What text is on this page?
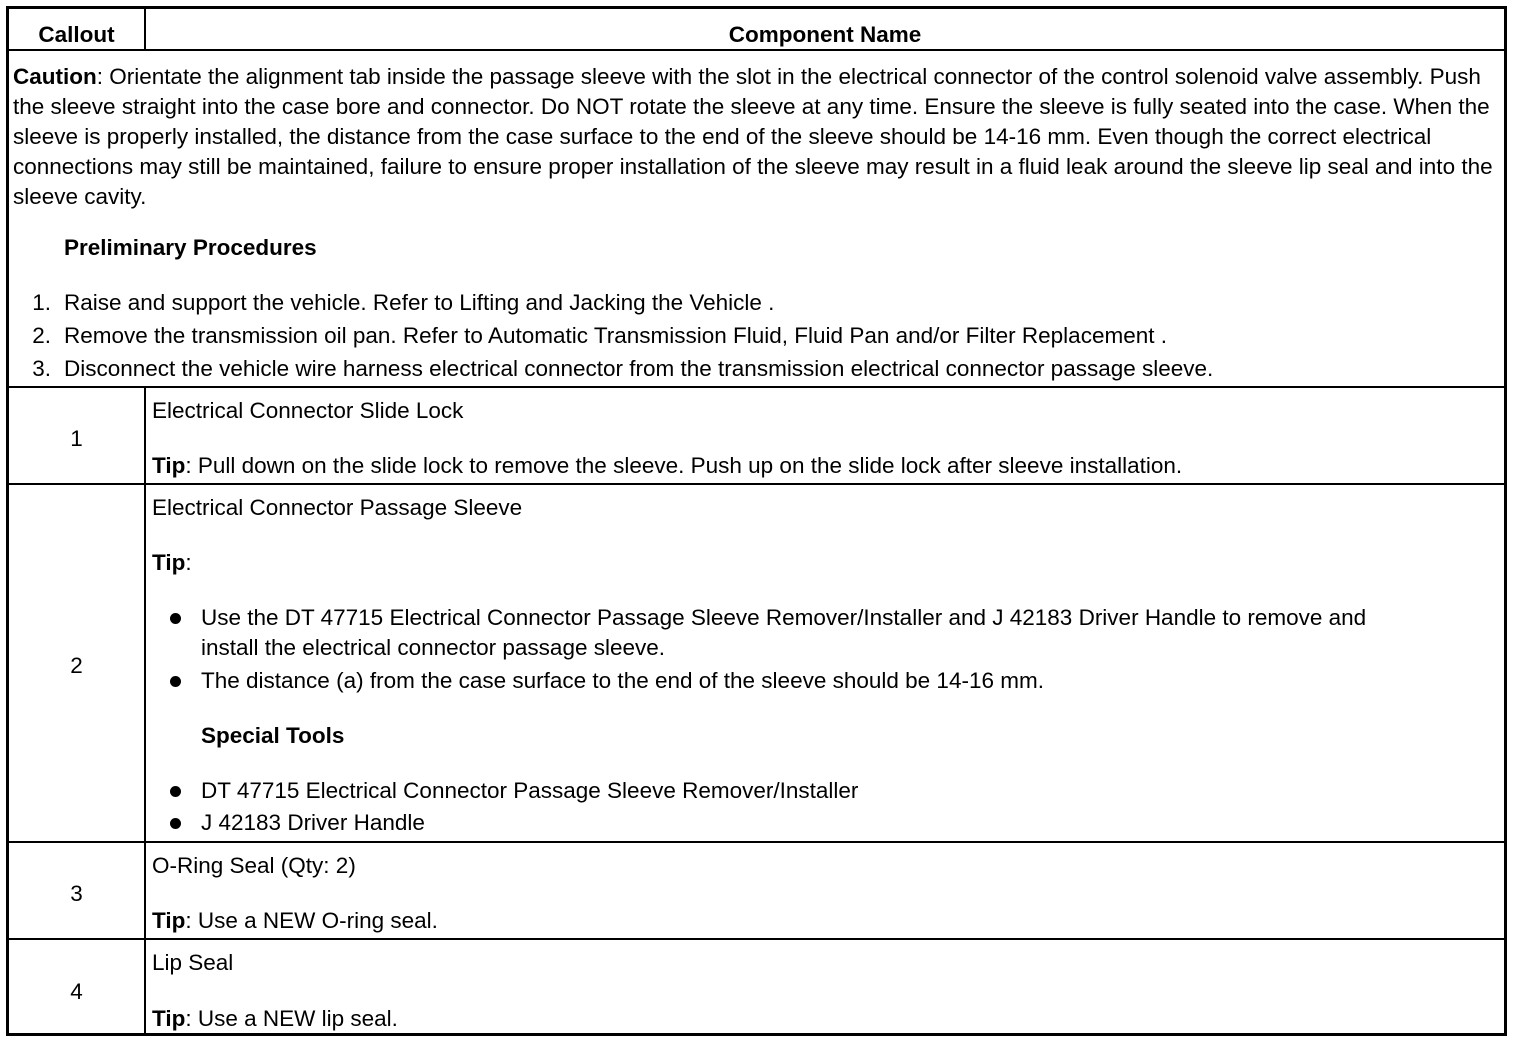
Callout	Component Name
Caution: Orientate the alignment tab inside the passage sleeve with the slot in the electrical connector of the control solenoid valve assembly. Push the sleeve straight into the case bore and connector. Do NOT rotate the sleeve at any time. Ensure the sleeve is fully seated into the case. When the sleeve is properly installed, the distance from the case surface to the end of the sleeve should be 14-16 mm. Even though the correct electrical connections may still be maintained, failure to ensure proper installation of the sleeve may result in a fluid leak around the sleeve lip seal and into the sleeve cavity.
Preliminary Procedures
1. Raise and support the vehicle. Refer to Lifting and Jacking the Vehicle .
2. Remove the transmission oil pan. Refer to Automatic Transmission Fluid, Fluid Pan and/or Filter Replacement .
3. Disconnect the vehicle wire harness electrical connector from the transmission electrical connector passage sleeve.
1
Electrical Connector Slide Lock
Tip: Pull down on the slide lock to remove the sleeve. Push up on the slide lock after sleeve installation.
2
Electrical Connector Passage Sleeve
Tip:
Use the DT 47715 Electrical Connector Passage Sleeve Remover/Installer and J 42183 Driver Handle to remove and
install the electrical connector passage sleeve.
The distance (a) from the case surface to the end of the sleeve should be 14-16 mm.
Special Tools
DT 47715 Electrical Connector Passage Sleeve Remover/Installer
J 42183 Driver Handle
3
O-Ring Seal (Qty: 2)
Tip: Use a NEW O-ring seal.
4
Lip Seal
Tip: Use a NEW lip seal.
